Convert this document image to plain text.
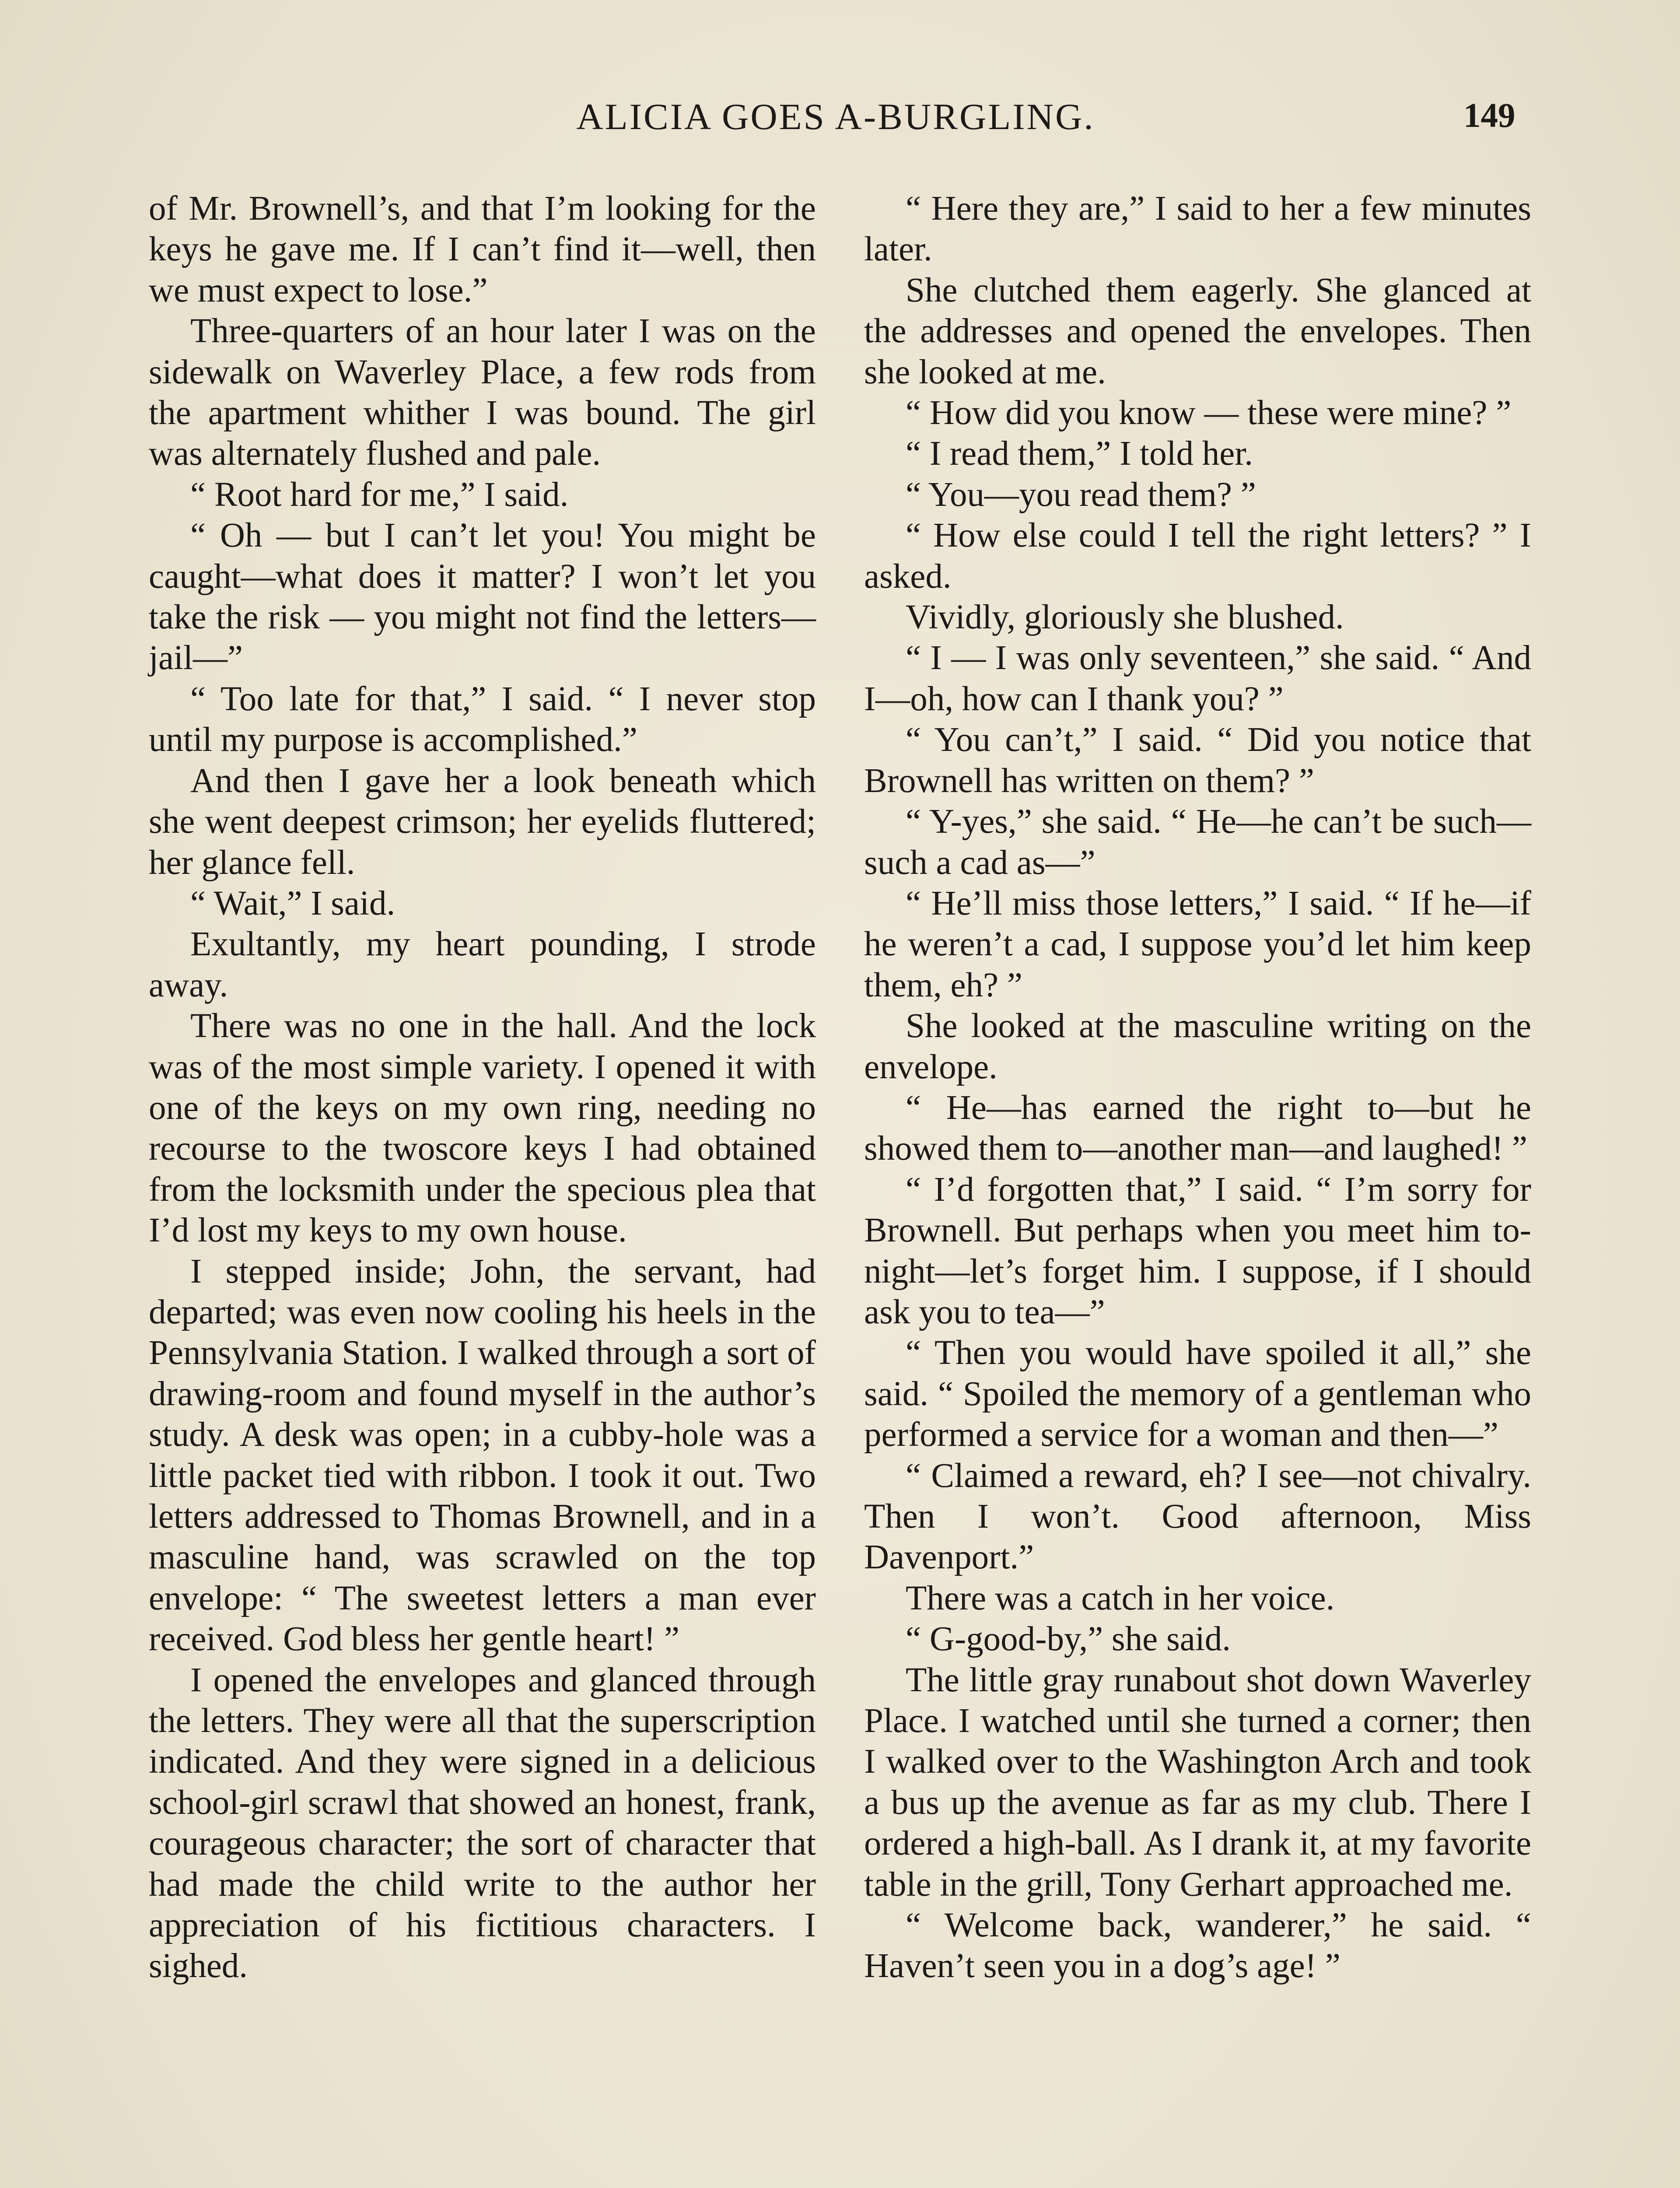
ALICIA GOES A-BURGLING.	149

of Mr. Brownell’s, and that I’m looking for the keys he gave me. If I can’t find it—well, then we must expect to lose.”

Three-quarters of an hour later I was on the sidewalk on Waverley Place, a few rods from the apartment whither I was bound. The girl was alternately flushed and pale.

“ Root hard for me,” I said.

“ Oh — but I can’t let you! You might be caught—what does it matter? I won’t let you take the risk — you might not find the letters—jail—”

“ Too late for that,” I said. “ I never stop until my purpose is accomplished.”

And then I gave her a look beneath which she went deepest crimson; her eyelids fluttered; her glance fell.

“ Wait,” I said.

Exultantly, my heart pounding, I strode away.

There was no one in the hall. And the lock was of the most simple variety. I opened it with one of the keys on my own ring, needing no recourse to the twoscore keys I had obtained from the locksmith under the specious plea that I’d lost my keys to my own house.

I stepped inside; John, the servant, had departed; was even now cooling his heels in the Pennsylvania Station. I walked through a sort of drawing-room and found myself in the author’s study. A desk was open; in a cubby-hole was a little packet tied with ribbon. I took it out. Two letters addressed to Thomas Brownell, and in a masculine hand, was scrawled on the top envelope: “ The sweetest letters a man ever received. God bless her gentle heart! ”

I opened the envelopes and glanced through the letters. They were all that the superscription indicated. And they were signed in a delicious school-girl scrawl that showed an honest, frank, courageous character; the sort of character that had made the child write to the author her appreciation of his fictitious characters. I sighed.

“ Here they are,” I said to her a few minutes later.

She clutched them eagerly. She glanced at the addresses and opened the envelopes. Then she looked at me.

“ How did you know — these were mine? ”

“ I read them,” I told her.

“ You—you read them? ”

“ How else could I tell the right letters? ” I asked.

Vividly, gloriously she blushed.

“ I — I was only seventeen,” she said. “ And I—oh, how can I thank you? ”

“ You can’t,” I said. “ Did you notice that Brownell has written on them? ”

“ Y-yes,” she said. “ He—he can’t be such—such a cad as—”

“ He’ll miss those letters,” I said. “ If he—if he weren’t a cad, I suppose you’d let him keep them, eh? ”

She looked at the masculine writing on the envelope.

“ He—has earned the right to—but he showed them to—another man—and laughed! ”

“ I’d forgotten that,” I said. “ I’m sorry for Brownell. But perhaps when you meet him to-night—let’s forget him. I suppose, if I should ask you to tea—”

“ Then you would have spoiled it all,” she said. “ Spoiled the memory of a gentleman who performed a service for a woman and then—”

“ Claimed a reward, eh? I see—not chivalry. Then I won’t. Good afternoon, Miss Davenport.”

There was a catch in her voice.

“ G-good-by,” she said.

The little gray runabout shot down Waverley Place. I watched until she turned a corner; then I walked over to the Washington Arch and took a bus up the avenue as far as my club. There I ordered a high-ball. As I drank it, at my favorite table in the grill, Tony Gerhart approached me.

“ Welcome back, wanderer,” he said. “ Haven’t seen you in a dog’s age! ”
